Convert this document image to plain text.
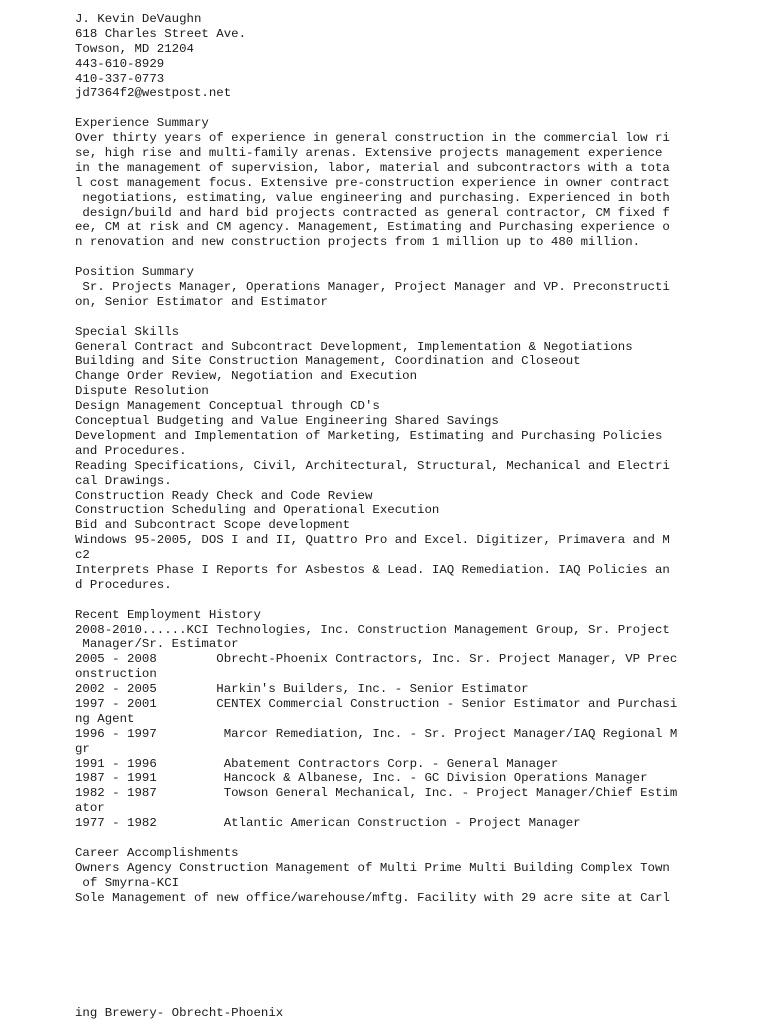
J. Kevin DeVaughn
618 Charles Street Ave.
Towson, MD 21204
443-610-8929
410-337-0773
jd7364f2@westpost.net
Experience Summary
Over thirty years of experience in general construction in the commercial low ri
se, high rise and multi-family arenas. Extensive projects management experience
in the management of supervision, labor, material and subcontractors with a tota
l cost management focus. Extensive pre-construction experience in owner contract
negotiations, estimating, value engineering and purchasing. Experienced in both
design/build and hard bid projects contracted as general contractor, CM fixed f
ee, CM at risk and CM agency. Management, Estimating and Purchasing experience o
n renovation and new construction projects from 1 million up to 480 million.
Position Summary
Sr. Projects Manager, Operations Manager, Project Manager and VP. Preconstructi
on, Senior Estimator and Estimator
Special Skills
General Contract and Subcontract Development, Implementation & Negotiations
Building and Site Construction Management, Coordination and Closeout
Change Order Review, Negotiation and Execution
Dispute Resolution
Design Management Conceptual through CD's
Conceptual Budgeting and Value Engineering Shared Savings
Development and Implementation of Marketing, Estimating and Purchasing Policies
and Procedures.
Reading Specifications, Civil, Architectural, Structural, Mechanical and Electri
cal Drawings.
Construction Ready Check and Code Review
Construction Scheduling and Operational Execution
Bid and Subcontract Scope development
Windows 95-2005, DOS I and II, Quattro Pro and Excel. Digitizer, Primavera and M
c2
Interprets Phase I Reports for Asbestos & Lead. IAQ Remediation. IAQ Policies an
d Procedures.
Recent Employment History
2008-2010......KCI Technologies, Inc. Construction Management Group, Sr. Project
Manager/Sr. Estimator
2005 - 2008        Obrecht-Phoenix Contractors, Inc. Sr. Project Manager, VP Prec
onstruction
2002 - 2005        Harkin's Builders, Inc. - Senior Estimator
1997 - 2001        CENTEX Commercial Construction - Senior Estimator and Purchasi
ng Agent
1996 - 1997         Marcor Remediation, Inc. - Sr. Project Manager/IAQ Regional M
gr
1991 - 1996         Abatement Contractors Corp. - General Manager
1987 - 1991         Hancock & Albanese, Inc. - GC Division Operations Manager
1982 - 1987         Towson General Mechanical, Inc. - Project Manager/Chief Estim
ator
1977 - 1982         Atlantic American Construction - Project Manager
Career Accomplishments
Owners Agency Construction Management of Multi Prime Multi Building Complex Town
of Smyrna-KCI
Sole Management of new office/warehouse/mftg. Facility with 29 acre site at Carl
ing Brewery- Obrecht-Phoenix
